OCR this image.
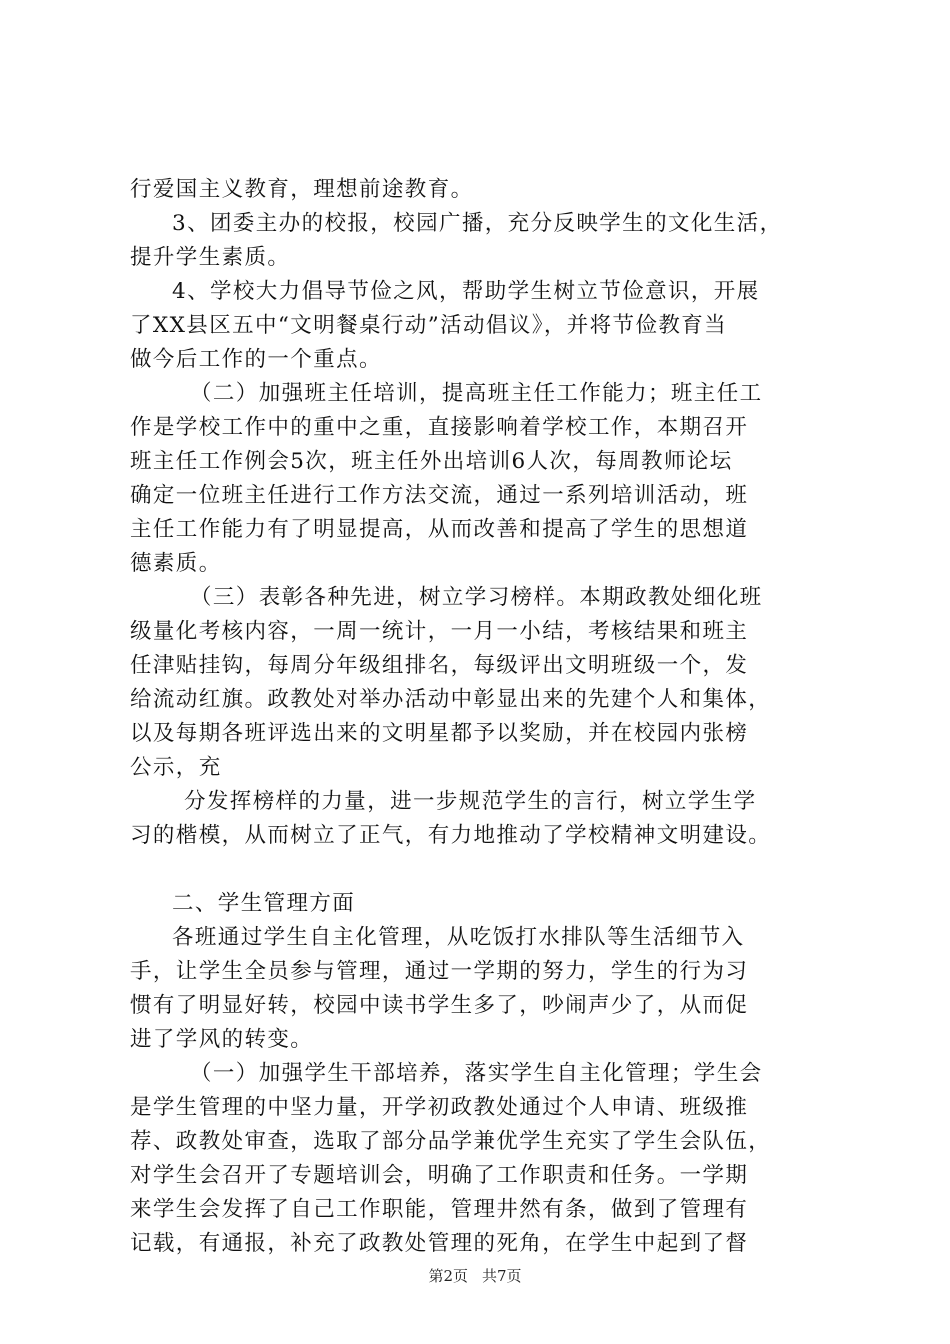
行爱国主义教育，理想前途教育。
3、团委主办的校报，校园广播，充分反映学生的文化生活，
提升学生素质。
4、学校大力倡导节俭之风，帮助学生树立节俭意识，开展
了XX县区五中“文明餐桌行动”活动倡议》，并将节俭教育当
做今后工作的一个重点。
（二）加强班主任培训，提高班主任工作能力；班主任工
作是学校工作中的重中之重，直接影响着学校工作，本期召开
班主任工作例会5次，班主任外出培训6人次，每周教师论坛
确定一位班主任进行工作方法交流，通过一系列培训活动，班
主任工作能力有了明显提高，从而改善和提高了学生的思想道
德素质。
（三）表彰各种先进，树立学习榜样。本期政教处细化班
级量化考核内容，一周一统计，一月一小结，考核结果和班主
任津贴挂钩，每周分年级组排名，每级评出文明班级一个，发
给流动红旗。政教处对举办活动中彰显出来的先建个人和集体，
以及每期各班评选出来的文明星都予以奖励，并在校园内张榜
公示，充
分发挥榜样的力量，进一步规范学生的言行，树立学生学
习的楷模，从而树立了正气，有力地推动了学校精神文明建设。
二、学生管理方面
各班通过学生自主化管理，从吃饭打水排队等生活细节入
手，让学生全员参与管理，通过一学期的努力，学生的行为习
惯有了明显好转，校园中读书学生多了，吵闹声少了，从而促
进了学风的转变。
（一）加强学生干部培养，落实学生自主化管理；学生会
是学生管理的中坚力量，开学初政教处通过个人申请、班级推
荐、政教处审查，选取了部分品学兼优学生充实了学生会队伍，
对学生会召开了专题培训会，明确了工作职责和任务。一学期
来学生会发挥了自己工作职能，管理井然有条，做到了管理有
记载，有通报，补充了政教处管理的死角，在学生中起到了督
第2页 共7页
